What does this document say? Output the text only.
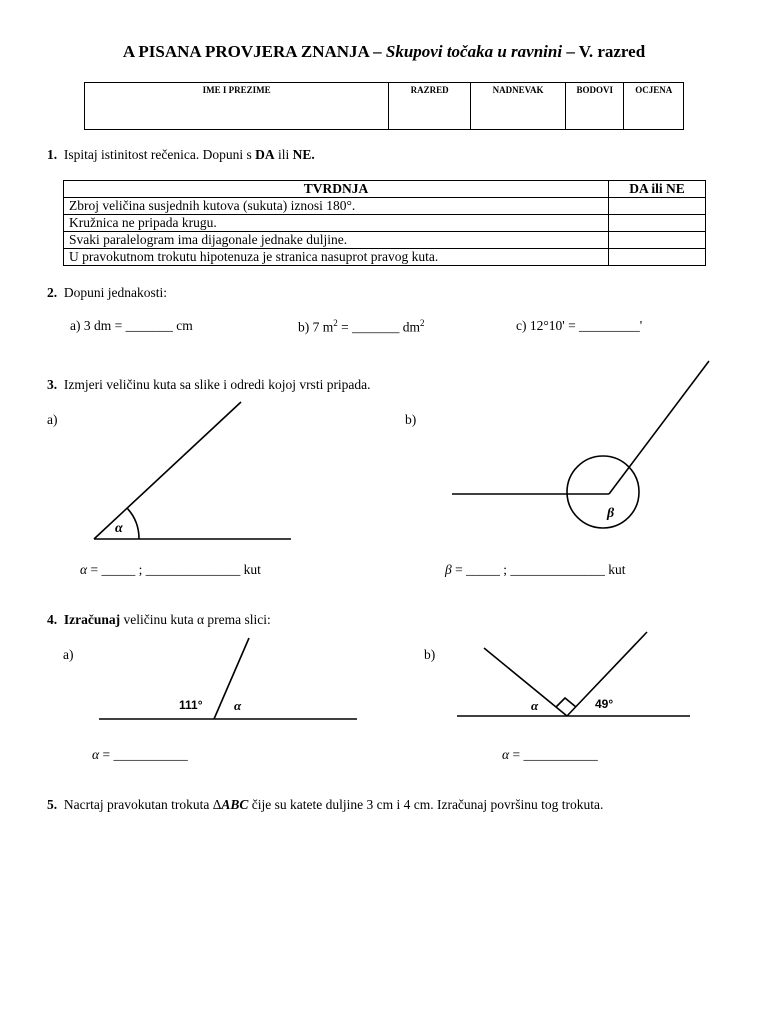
A PISANA PROVJERA ZNANJA – Skupovi točaka u ravnini – V. razred
IME I PREZIME	RAZRED	NADNEVAK	BODOVI	OCJENA
1. Ispitaj istinitost rečenica. Dopuni s DA ili NE.
TVRDNJA	DA ili NE
Zbroj veličina susjednih kutova (sukuta) iznosi 180°.	
Kružnica ne pripada krugu.	
Svaki paralelogram ima dijagonale jednake duljine.	
U pravokutnom trokutu hipotenuza je stranica nasuprot pravog kuta.	
2. Dopuni jednakosti:
a) 3 dm = _______ cm	b) 7 $m^2$ = _______ $dm^2$	c) 12°10' = _________'
3. Izmjeri veličinu kuta sa slike i odredi kojoj vrsti pripada.
a)	b)
4. Izračunaj veličinu kuta α prema slici:
a)	b)
5. Nacrtaj pravokutan trokuta ΔABC čije su katete duljine 3 cm i 4 cm. Izračunaj površinu tog trokuta.
α
β
α = _____ ; ______________ kut	β = _____ ; ______________ kut
111° α	α	49°
α = ___________	α = ___________
